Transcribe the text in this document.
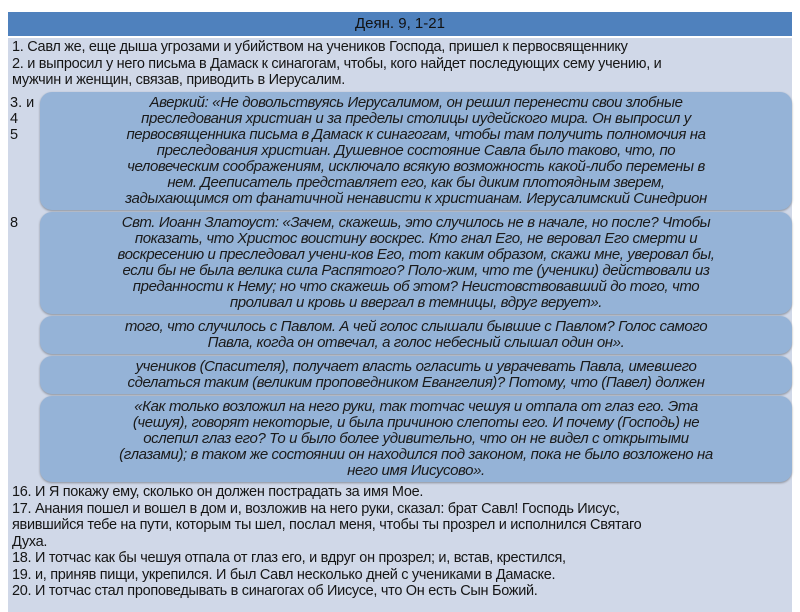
Деян. 9, 1-21
1. Савл же, еще дыша угрозами и убийством на учеников Господа, пришел к первосвященнику
2. и выпросил у него письма в Дамаск к синагогам, чтобы, кого найдет последующих сему учению, и
мужчин и женщин, связав, приводить в Иерусалим.
3. и
4
5
8
Аверкий: «Не довольствуясь Иерусалимом, он решил перенести свои злобные
преследования христиан и за пределы столицы иудейского мира. Он выпросил у
первосвященника письма в Дамаск к синагогам, чтобы там получить полномочия на
преследования христиан. Душевное состояние Савла было таково, что, по
человеческим соображениям, исключало всякую возможность какой-либо перемены в
нем. Дееписатель представляет его, как бы диким плотоядным зверем,
задыхающимся от фанатичной ненависти к христианам. Иерусалимский Синедрион
Свт. Иоанн Златоуст: «Зачем, скажешь, это случилось не в начале, но после? Чтобы
показать, что Христос воистину воскрес. Кто гнал Его, не веровал Его смерти и
воскресению и преследовал учени-ков Его, тот каким образом, скажи мне, уверовал бы,
если бы не была велика сила Распятого? Поло-жим, что те (ученики) действовали из
преданности к Нему; но что скажешь об этом? Неистовствовавший до того, что
проливал и кровь и ввергал в темницы, вдруг верует».
того, что случилось с Павлом. А чей голос слышали бывшие с Павлом? Голос самого
Павла, когда он отвечал, а голос небесный слышал один он».
учеников (Спасителя), получает власть огласить и уврачевать Павла, имевшего
сделаться таким (великим проповедником Евангелия)? Потому, что (Павел) должен
«Как только возложил на него руки, так тотчас чешуя и отпала от глаз его. Эта
(чешуя), говорят некоторые, и была причиною слепоты его. И почему (Господь) не
ослепил глаз его? То и было более удивительно, что он не видел с открытыми
(глазами); в таком же состоянии он находился под законом, пока не было возложено на
него имя Иисусово».
16. И Я покажу ему, сколько он должен пострадать за имя Мое.
17. Анания пошел и вошел в дом и, возложив на него руки, сказал: брат Савл! Господь Иисус,
явившийся тебе на пути, которым ты шел, послал меня, чтобы ты прозрел и исполнился Святаго
Духа.
18. И тотчас как бы чешуя отпала от глаз его, и вдруг он прозрел; и, встав, крестился,
19. и, приняв пищи, укрепился. И был Савл несколько дней с учениками в Дамаске.
20. И тотчас стал проповедывать в синагогах об Иисусе, что Он есть Сын Божий.
